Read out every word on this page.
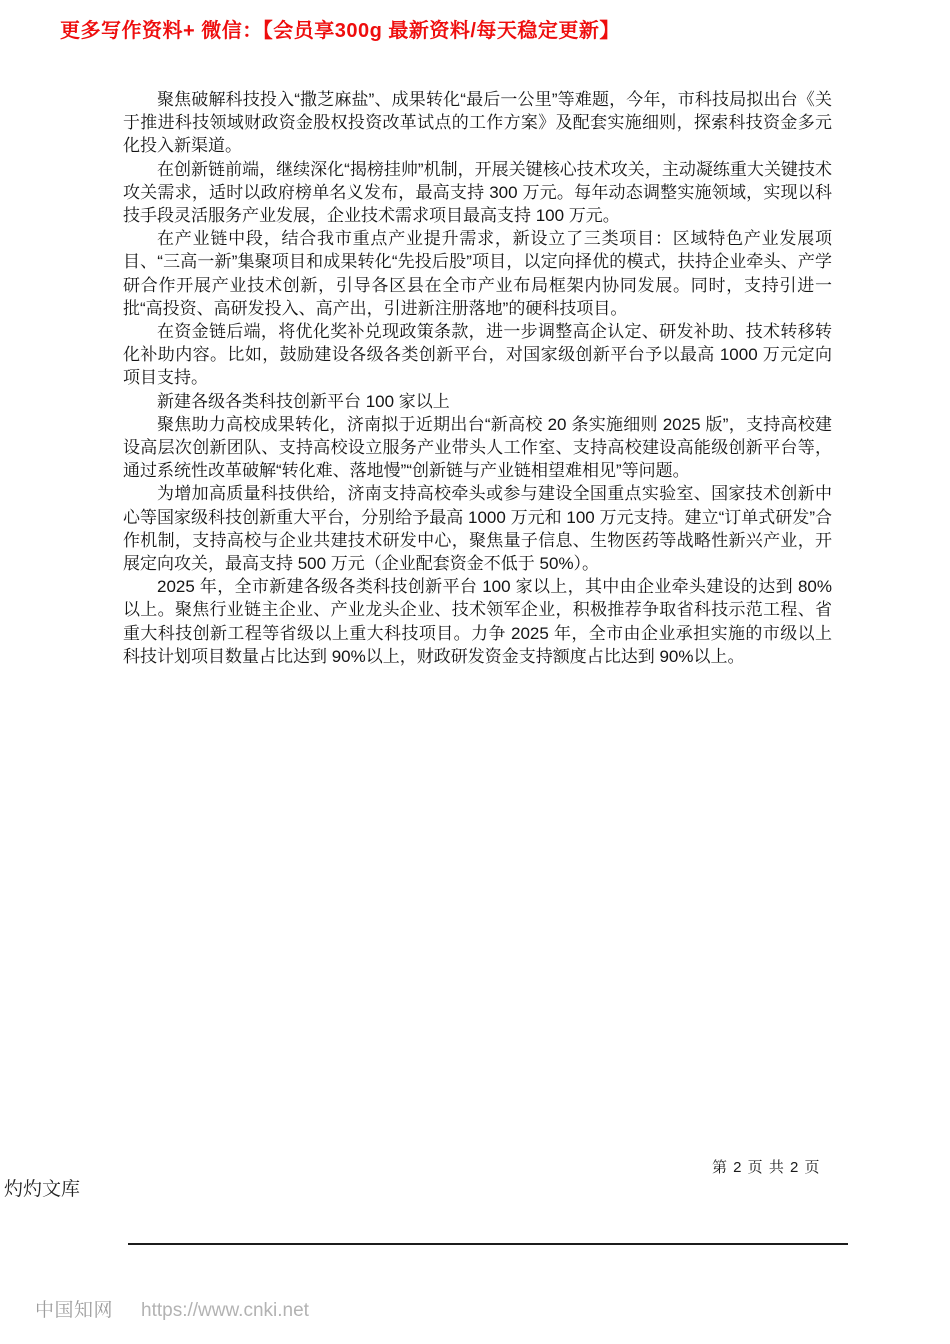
更多写作资料+ 微信：【会员享300g 最新资料/每天稳定更新】

聚焦破解科技投入“撒芝麻盐”、成果转化“最后一公里”等难题，今年，市科技局拟出台《关于推进科技领域财政资金股权投资改革试点的工作方案》及配套实施细则，探索科技资金多元化投入新渠道。

在创新链前端，继续深化“揭榜挂帅”机制，开展关键核心技术攻关，主动凝练重大关键技术攻关需求，适时以政府榜单名义发布，最高支持 300 万元。每年动态调整实施领域，实现以科技手段灵活服务产业发展，企业技术需求项目最高支持 100 万元。

在产业链中段，结合我市重点产业提升需求，新设立了三类项目：区域特色产业发展项目、“三高一新”集聚项目和成果转化“先投后股”项目，以定向择优的模式，扶持企业牵头、产学研合作开展产业技术创新，引导各区县在全市产业布局框架内协同发展。同时，支持引进一批“高投资、高研发投入、高产出，引进新注册落地”的硬科技项目。

在资金链后端，将优化奖补兑现政策条款，进一步调整高企认定、研发补助、技术转移转化补助内容。比如，鼓励建设各级各类创新平台，对国家级创新平台予以最高 1000 万元定向项目支持。

新建各级各类科技创新平台 100 家以上

聚焦助力高校成果转化，济南拟于近期出台“新高校 20 条实施细则 2025 版”，支持高校建设高层次创新团队、支持高校设立服务产业带头人工作室、支持高校建设高能级创新平台等，通过系统性改革破解“转化难、落地慢”“创新链与产业链相望难相见”等问题。

为增加高质量科技供给，济南支持高校牵头或参与建设全国重点实验室、国家技术创新中心等国家级科技创新重大平台，分别给予最高 1000 万元和 100 万元支持。建立“订单式研发”合作机制，支持高校与企业共建技术研发中心，聚焦量子信息、生物医药等战略性新兴产业，开展定向攻关，最高支持 500 万元（企业配套资金不低于 50%）。

2025 年，全市新建各级各类科技创新平台 100 家以上，其中由企业牵头建设的达到 80%以上。聚焦行业链主企业、产业龙头企业、技术领军企业，积极推荐争取省科技示范工程、省重大科技创新工程等省级以上重大科技项目。力争 2025 年，全市由企业承担实施的市级以上科技计划项目数量占比达到 90%以上，财政研发资金支持额度占比达到 90%以上。

第 2 页 共 2 页
灼灼文库
中国知网 https://www.cnki.net
